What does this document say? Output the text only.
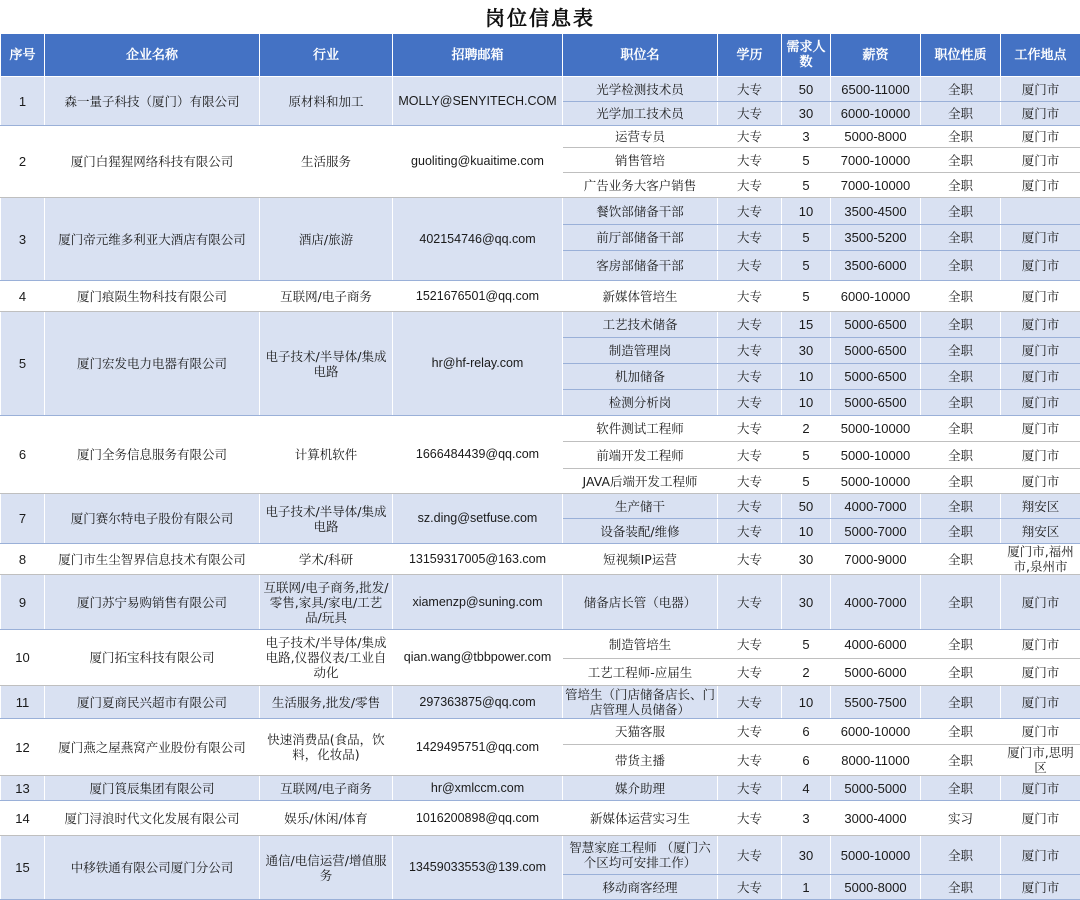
岗位信息表
序号	企业名称	行业	招聘邮箱	职位名	学历	需求人数	薪资	职位性质	工作地点
1	森一量子科技（厦门）有限公司	原材料和加工	MOLLY@SENYITECH.COM	光学检测技术员	大专	50	6500-11000	全职	厦门市
				光学加工技术员	大专	30	6000-10000	全职	厦门市
2	厦门白猩猩网络科技有限公司	生活服务	guoliting@kuaitime.com	运营专员	大专	3	5000-8000	全职	厦门市
				销售管培	大专	5	7000-10000	全职	厦门市
				广告业务大客户销售	大专	5	7000-10000	全职	厦门市
3	厦门帝元维多利亚大酒店有限公司	酒店/旅游	402154746@qq.com	餐饮部储备干部	大专	10	3500-4500	全职	
				前厅部储备干部	大专	5	3500-5200	全职	厦门市
				客房部储备干部	大专	5	3500-6000	全职	厦门市
4	厦门痕陨生物科技有限公司	互联网/电子商务	1521676501@qq.com	新媒体管培生	大专	5	6000-10000	全职	厦门市
5	厦门宏发电力电器有限公司	电子技术/半导体/集成电路	hr@hf-relay.com	工艺技术储备	大专	15	5000-6500	全职	厦门市
				制造管理岗	大专	30	5000-6500	全职	厦门市
				机加储备	大专	10	5000-6500	全职	厦门市
				检测分析岗	大专	10	5000-6500	全职	厦门市
6	厦门全务信息服务有限公司	计算机软件	1666484439@qq.com	软件测试工程师	大专	2	5000-10000	全职	厦门市
				前端开发工程师	大专	5	5000-10000	全职	厦门市
				JAVA后端开发工程师	大专	5	5000-10000	全职	厦门市
7	厦门赛尔特电子股份有限公司	电子技术/半导体/集成电路	sz.ding@setfuse.com	生产储干	大专	50	4000-7000	全职	翔安区
				设备装配/维修	大专	10	5000-7000	全职	翔安区
8	厦门市生尘智界信息技术有限公司	学术/科研	13159317005@163.com	短视频IP运营	大专	30	7000-9000	全职	厦门市,福州市,泉州市
9	厦门苏宁易购销售有限公司	互联网/电子商务,批发/零售,家具/家电/工艺品/玩具	xiamenzp@suning.com	储备店长管（电器）	大专	30	4000-7000	全职	厦门市
10	厦门拓宝科技有限公司	电子技术/半导体/集成电路,仪器仪表/工业自动化	qian.wang@tbbpower.com	制造管培生	大专	5	4000-6000	全职	厦门市
				工艺工程师-应届生	大专	2	5000-6000	全职	厦门市
11	厦门夏商民兴超市有限公司	生活服务,批发/零售	297363875@qq.com	管培生（门店储备店长、门店管理人员储备）	大专	10	5500-7500	全职	厦门市
12	厦门燕之屋燕窝产业股份有限公司	快速消费品(食品，饮料，化妆品)	1429495751@qq.com	天猫客服	大专	6	6000-10000	全职	厦门市
				带货主播	大专	6	8000-11000	全职	厦门市,思明区
13	厦门筤辰集团有限公司	互联网/电子商务	hr@xmlccm.com	媒介助理	大专	4	5000-5000	全职	厦门市
14	厦门浔浪时代文化发展有限公司	娱乐/休闲/体育	1016200898@qq.com	新媒体运营实习生	大专	3	3000-4000	实习	厦门市
15	中移铁通有限公司厦门分公司	通信/电信运营/增值服务	13459033553@139.com	智慧家庭工程师 （厦门六个区均可安排工作）	大专	30	5000-10000	全职	厦门市
				移动商客经理	大专	1	5000-8000	全职	厦门市
